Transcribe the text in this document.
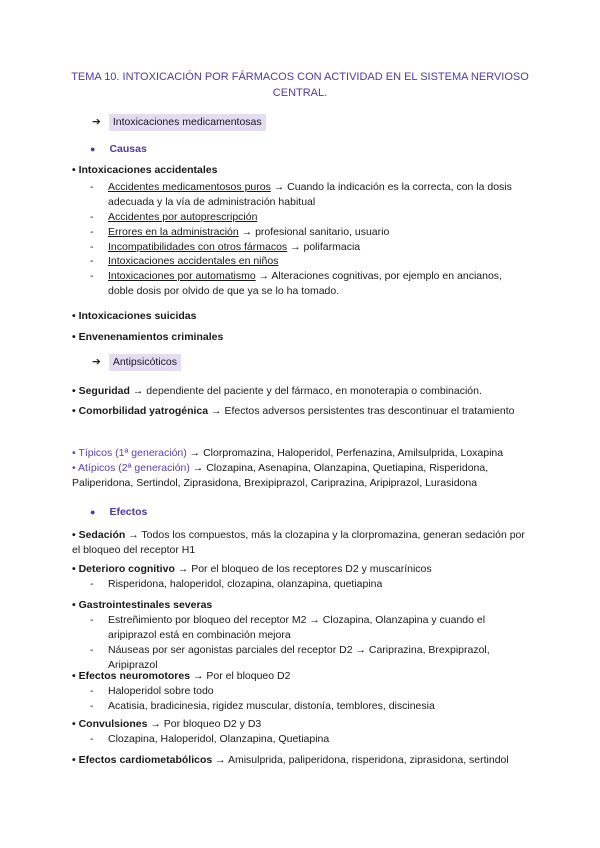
TEMA 10. INTOXICACIÓN POR FÁRMACOS CON ACTIVIDAD EN EL SISTEMA NERVIOSO CENTRAL.
➔ Intoxicaciones medicamentosas
● Causas
• Intoxicaciones accidentales
- Accidentes medicamentosos puros → Cuando la indicación es la correcta, con la dosis adecuada y la vía de administración habitual
- Accidentes por autoprescripción
- Errores en la administración → profesional sanitario, usuario
- Incompatibilidades con otros fármacos → polifarmacia
- Intoxicaciones accidentales en niños
- Intoxicaciones por automatismo → Alteraciones cognitivas, por ejemplo en ancianos, doble dosis por olvido de que ya se lo ha tomado.
• Intoxicaciones suicidas
• Envenenamientos criminales
➔ Antipsicóticos
• Seguridad → dependiente del paciente y del fármaco, en monoterapia o combinación.
• Comorbilidad yatrogénica → Efectos adversos persistentes tras descontinuar el tratamiento
• Típicos (1ª generación) → Clorpromazina, Haloperidol, Perfenazina, Amilsulprida, Loxapina
• Atípicos (2ª generación) → Clozapina, Asenapina, Olanzapina, Quetiapina, Risperidona, Paliperidona, Sertindol, Ziprasidona, Brexipiprazol, Cariprazina, Aripiprazol, Lurasidona
● Efectos
• Sedación → Todos los compuestos, más la clozapina y la clorpromazina, generan sedación por el bloqueo del receptor H1
• Deterioro cognitivo → Por el bloqueo de los receptores D2 y muscarínicos
- Risperidona, haloperidol, clozapina, olanzapina, quetiapina
• Gastrointestinales severas
- Estreñimiento por bloqueo del receptor M2 → Clozapina, Olanzapina y cuando el aripiprazol está en combinación mejora
- Náuseas por ser agonistas parciales del receptor D2 → Cariprazina, Brexpiprazol, Aripiprazol
• Efectos neuromotores → Por el bloqueo D2
- Haloperidol sobre todo
- Acatisia, bradicinesia, rigidez muscular, distonía, temblores, discinesia
• Convulsiones → Por bloqueo D2 y D3
- Clozapina, Haloperidol, Olanzapina, Quetiapina
• Efectos cardiometabólicos → Amisulprida, paliperidona, risperidona, ziprasidona, sertindol
